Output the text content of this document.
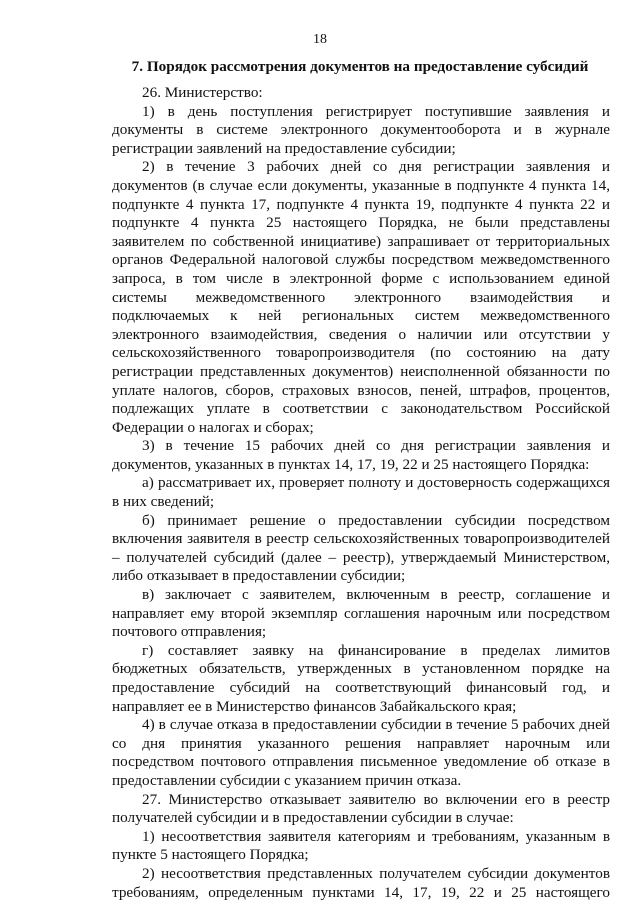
18
7. Порядок рассмотрения документов на предоставление субсидий

26. Министерство:

1) в день поступления регистрирует поступившие заявления и документы в системе электронного документооборота и в журнале регистрации заявлений на предоставление субсидии;

2) в течение 3 рабочих дней со дня регистрации заявления и документов (в случае если документы, указанные в подпункте 4 пункта 14, подпункте 4 пункта 17, подпункте 4 пункта 19, подпункте 4 пункта 22 и подпункте 4 пункта 25 настоящего Порядка, не были представлены заявителем по собственной инициативе) запрашивает от территориальных органов Федеральной налоговой службы посредством межведомственного запроса, в том числе в электронной форме с использованием единой системы межведомственного электронного взаимодействия и подключаемых к ней региональных систем межведомственного электронного взаимодействия, сведения о наличии или отсутствии у сельскохозяйственного товаропроизводителя (по состоянию на дату регистрации представленных документов) неисполненной обязанности по уплате налогов, сборов, страховых взносов, пеней, штрафов, процентов, подлежащих уплате в соответствии с законодательством Российской Федерации о налогах и сборах;

3) в течение 15 рабочих дней со дня регистрации заявления и документов, указанных в пунктах 14, 17, 19, 22 и 25 настоящего Порядка:

а) рассматривает их, проверяет полноту и достоверность содержащихся в них сведений;

б) принимает решение о предоставлении субсидии посредством включения заявителя в реестр сельскохозяйственных товаропроизводителей – получателей субсидий (далее – реестр), утверждаемый Министерством, либо отказывает в предоставлении субсидии;

в) заключает с заявителем, включенным в реестр, соглашение и направляет ему второй экземпляр соглашения нарочным или посредством почтового отправления;

г) составляет заявку на финансирование в пределах лимитов бюджетных обязательств, утвержденных в установленном порядке на предоставление субсидий на соответствующий финансовый год, и направляет ее в Министерство финансов Забайкальского края;

4) в случае отказа в предоставлении субсидии в течение 5 рабочих дней со дня принятия указанного решения направляет нарочным или посредством почтового отправления письменное уведомление об отказе в предоставлении субсидии с указанием причин отказа.

27. Министерство отказывает заявителю во включении его в реестр получателей субсидии и в предоставлении субсидии в случае:

1) несоответствия заявителя категориям и требованиям, указанным в пункте 5 настоящего Порядка;

2) несоответствия представленных получателем субсидии документов требованиям, определенным пунктами 14, 17, 19, 22 и 25 настоящего
